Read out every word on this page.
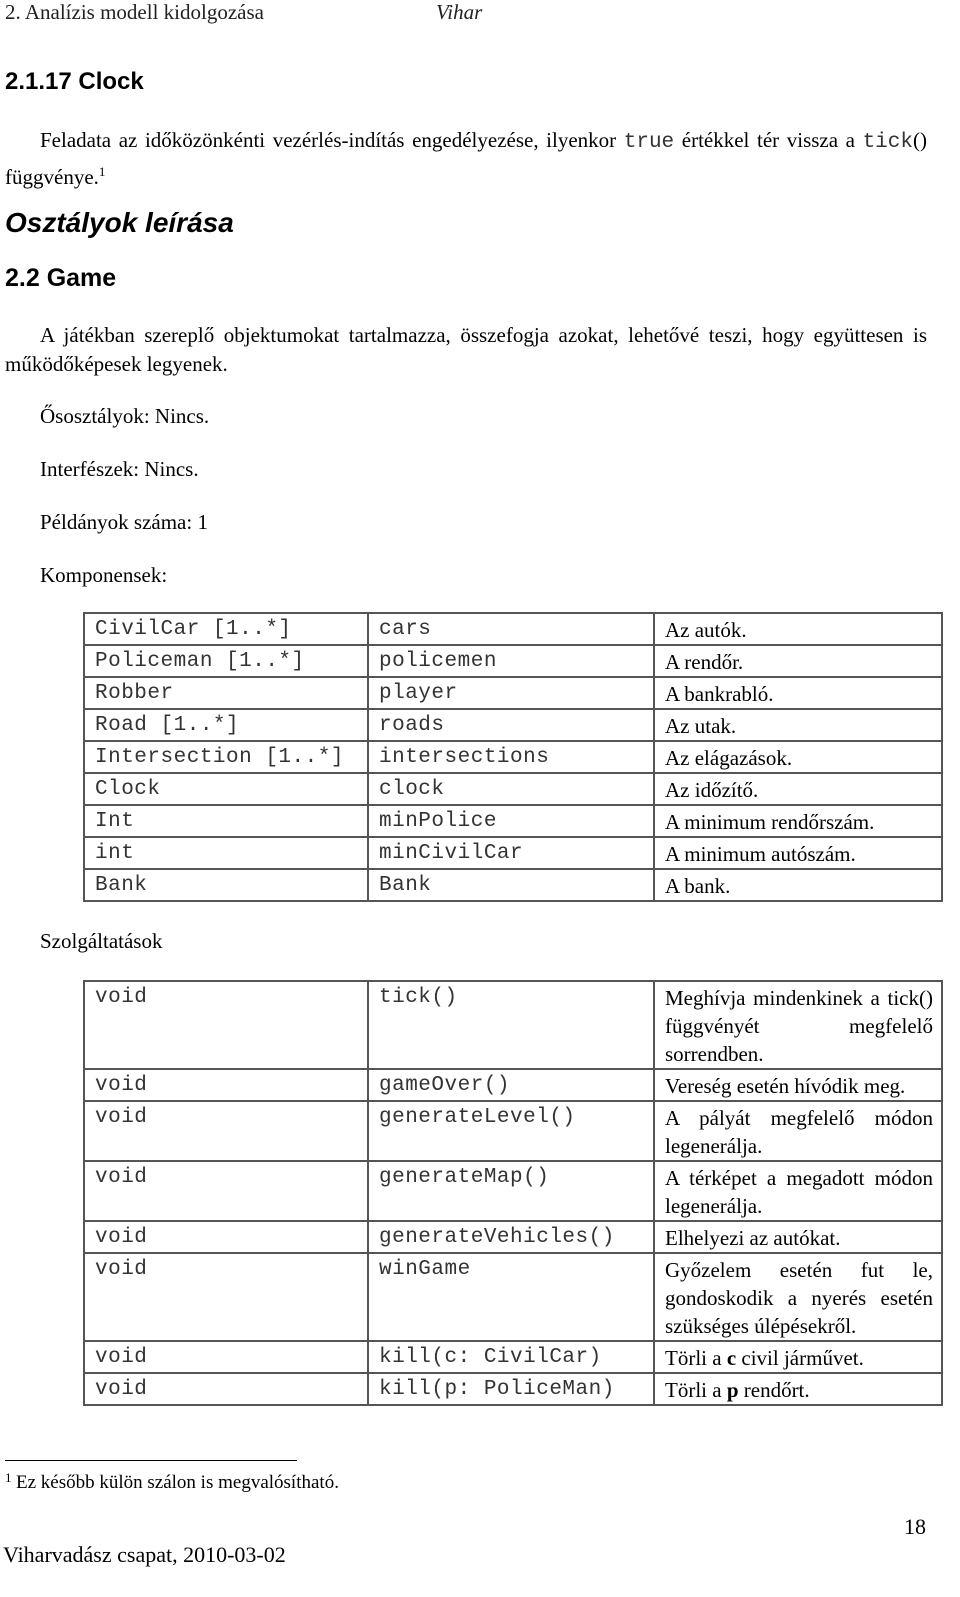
2. Analízis modell kidolgozása	Vihar
2.1.17 Clock
Feladata az időközönkénti vezérlés-indítás engedélyezése, ilyenkor true értékkel tér vissza a tick() függvénye.$^1$
Osztályok leírása
2.2 Game
A játékban szereplő objektumokat tartalmazza, összefogja azokat, lehetővé teszi, hogy együttesen is működőképesek legyenek.
Ősosztályok: Nincs.
Interfészek: Nincs.
Példányok száma: 1
Komponensek:
CivilCar [1..*]	cars	Az autók.
Policeman [1..*]	policemen	A rendőr.
Robber	player	A bankrabló.
Road [1..*]	roads	Az utak.
Intersection [1..*]	intersections	Az elágazások.
Clock	clock	Az időzítő.
Int	minPolice	A minimum rendőrszám.
int	minCivilCar	A minimum autószám.
Bank	Bank	A bank.
Szolgáltatások
void	tick()	Meghívja mindenkinek a tick() függvényét megfelelő sorrendben.
void	gameOver()	Vereség esetén hívódik meg.
void	generateLevel()	A pályát megfelelő módon legenerálja.
void	generateMap()	A térképet a megadott módon legenerálja.
void	generateVehicles()	Elhelyezi az autókat.
void	winGame	Győzelem esetén fut le, gondoskodik a nyerés esetén szükséges úlépésekről.
void	kill(c: CivilCar)	Törli a c civil járművet.
void	kill(p: PoliceMan)	Törli a p rendőrt.
1 Ez később külön szálon is megvalósítható.
18
Viharvadász csapat, 2010-03-02
